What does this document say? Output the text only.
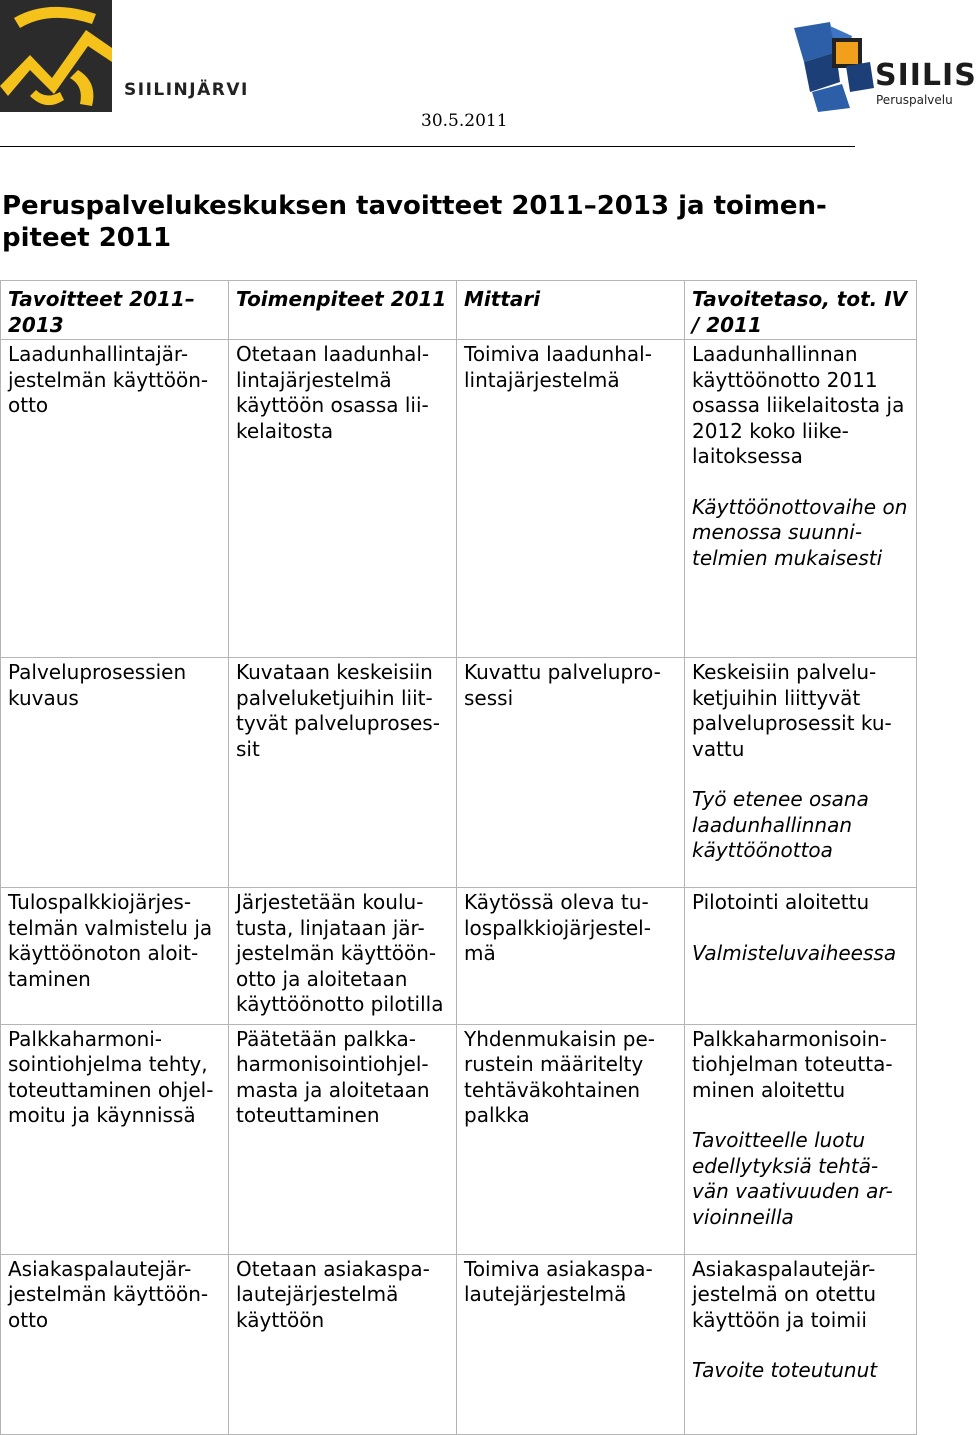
SIILINJÄRVI	SIILIS
Peruspalvelu
30.5.2011
Peruspalvelukeskuksen tavoitteet 2011–2013 ja toimen-
piteet 2011
Tavoitteet 2011–2013	Toimenpiteet 2011	Mittari	Tavoitetaso, tot. IV / 2011
Laadunhallintajär-jestelmän käyttöön-otto	Otetaan laadunhal-lintajärjestelmä käyttöön osassa lii-kelaitosta	Toimiva laadunhal-lintajärjestelmä	Laadunhallinnan käyttöönotto 2011 osassa liikelaitosta ja 2012 koko liike-laitoksessa
Käyttöönottovaihe on menossa suunni-telmien mukaisesti

Palveluprosessien kuvaus	Kuvataan keskeisiin palveluketjuihin liit-tyvät palveluproses-sit	Kuvattu palvelupro-sessi	Keskeisiin palvelu-ketjuihin liittyvät palveluprosessit ku-vattu
Työ etenee osana laadunhallinnan käyttöönottoa

Tulospalkkiojärjes-telmän valmistelu ja käyttöönoton aloit-taminen	Järjestetään koulu-tusta, linjataan jär-jestelmän käyttöön-otto ja aloitetaan käyttöönotto pilotilla	Käytössä oleva tu-lospalkkiojärjestel-mä	Pilotointi aloitettu
Valmisteluvaiheessa

Palkkaharmoni-sointiohjelma tehty, toteuttaminen ohjel-moitu ja käynnissä	Päätetään palkka-harmonisointiohjel-masta ja aloitetaan toteuttaminen	Yhdenmukaisin pe-rustein määritelty tehtäväkohtainen palkka	Palkkaharmonisoin-tiohjelman toteutta-minen aloitettu
Tavoitteelle luotu edellytyksiä tehtä-vän vaativuuden ar-vioinneilla

Asiakaspalautejär-jestelmän käyttöön-otto	Otetaan asiakaspa-lautejärjestelmä käyttöön	Toimiva asiakaspa-lautejärjestelmä	Asiakaspalautejär-jestelmä on otettu käyttöön ja toimii
Tavoite toteutunut
